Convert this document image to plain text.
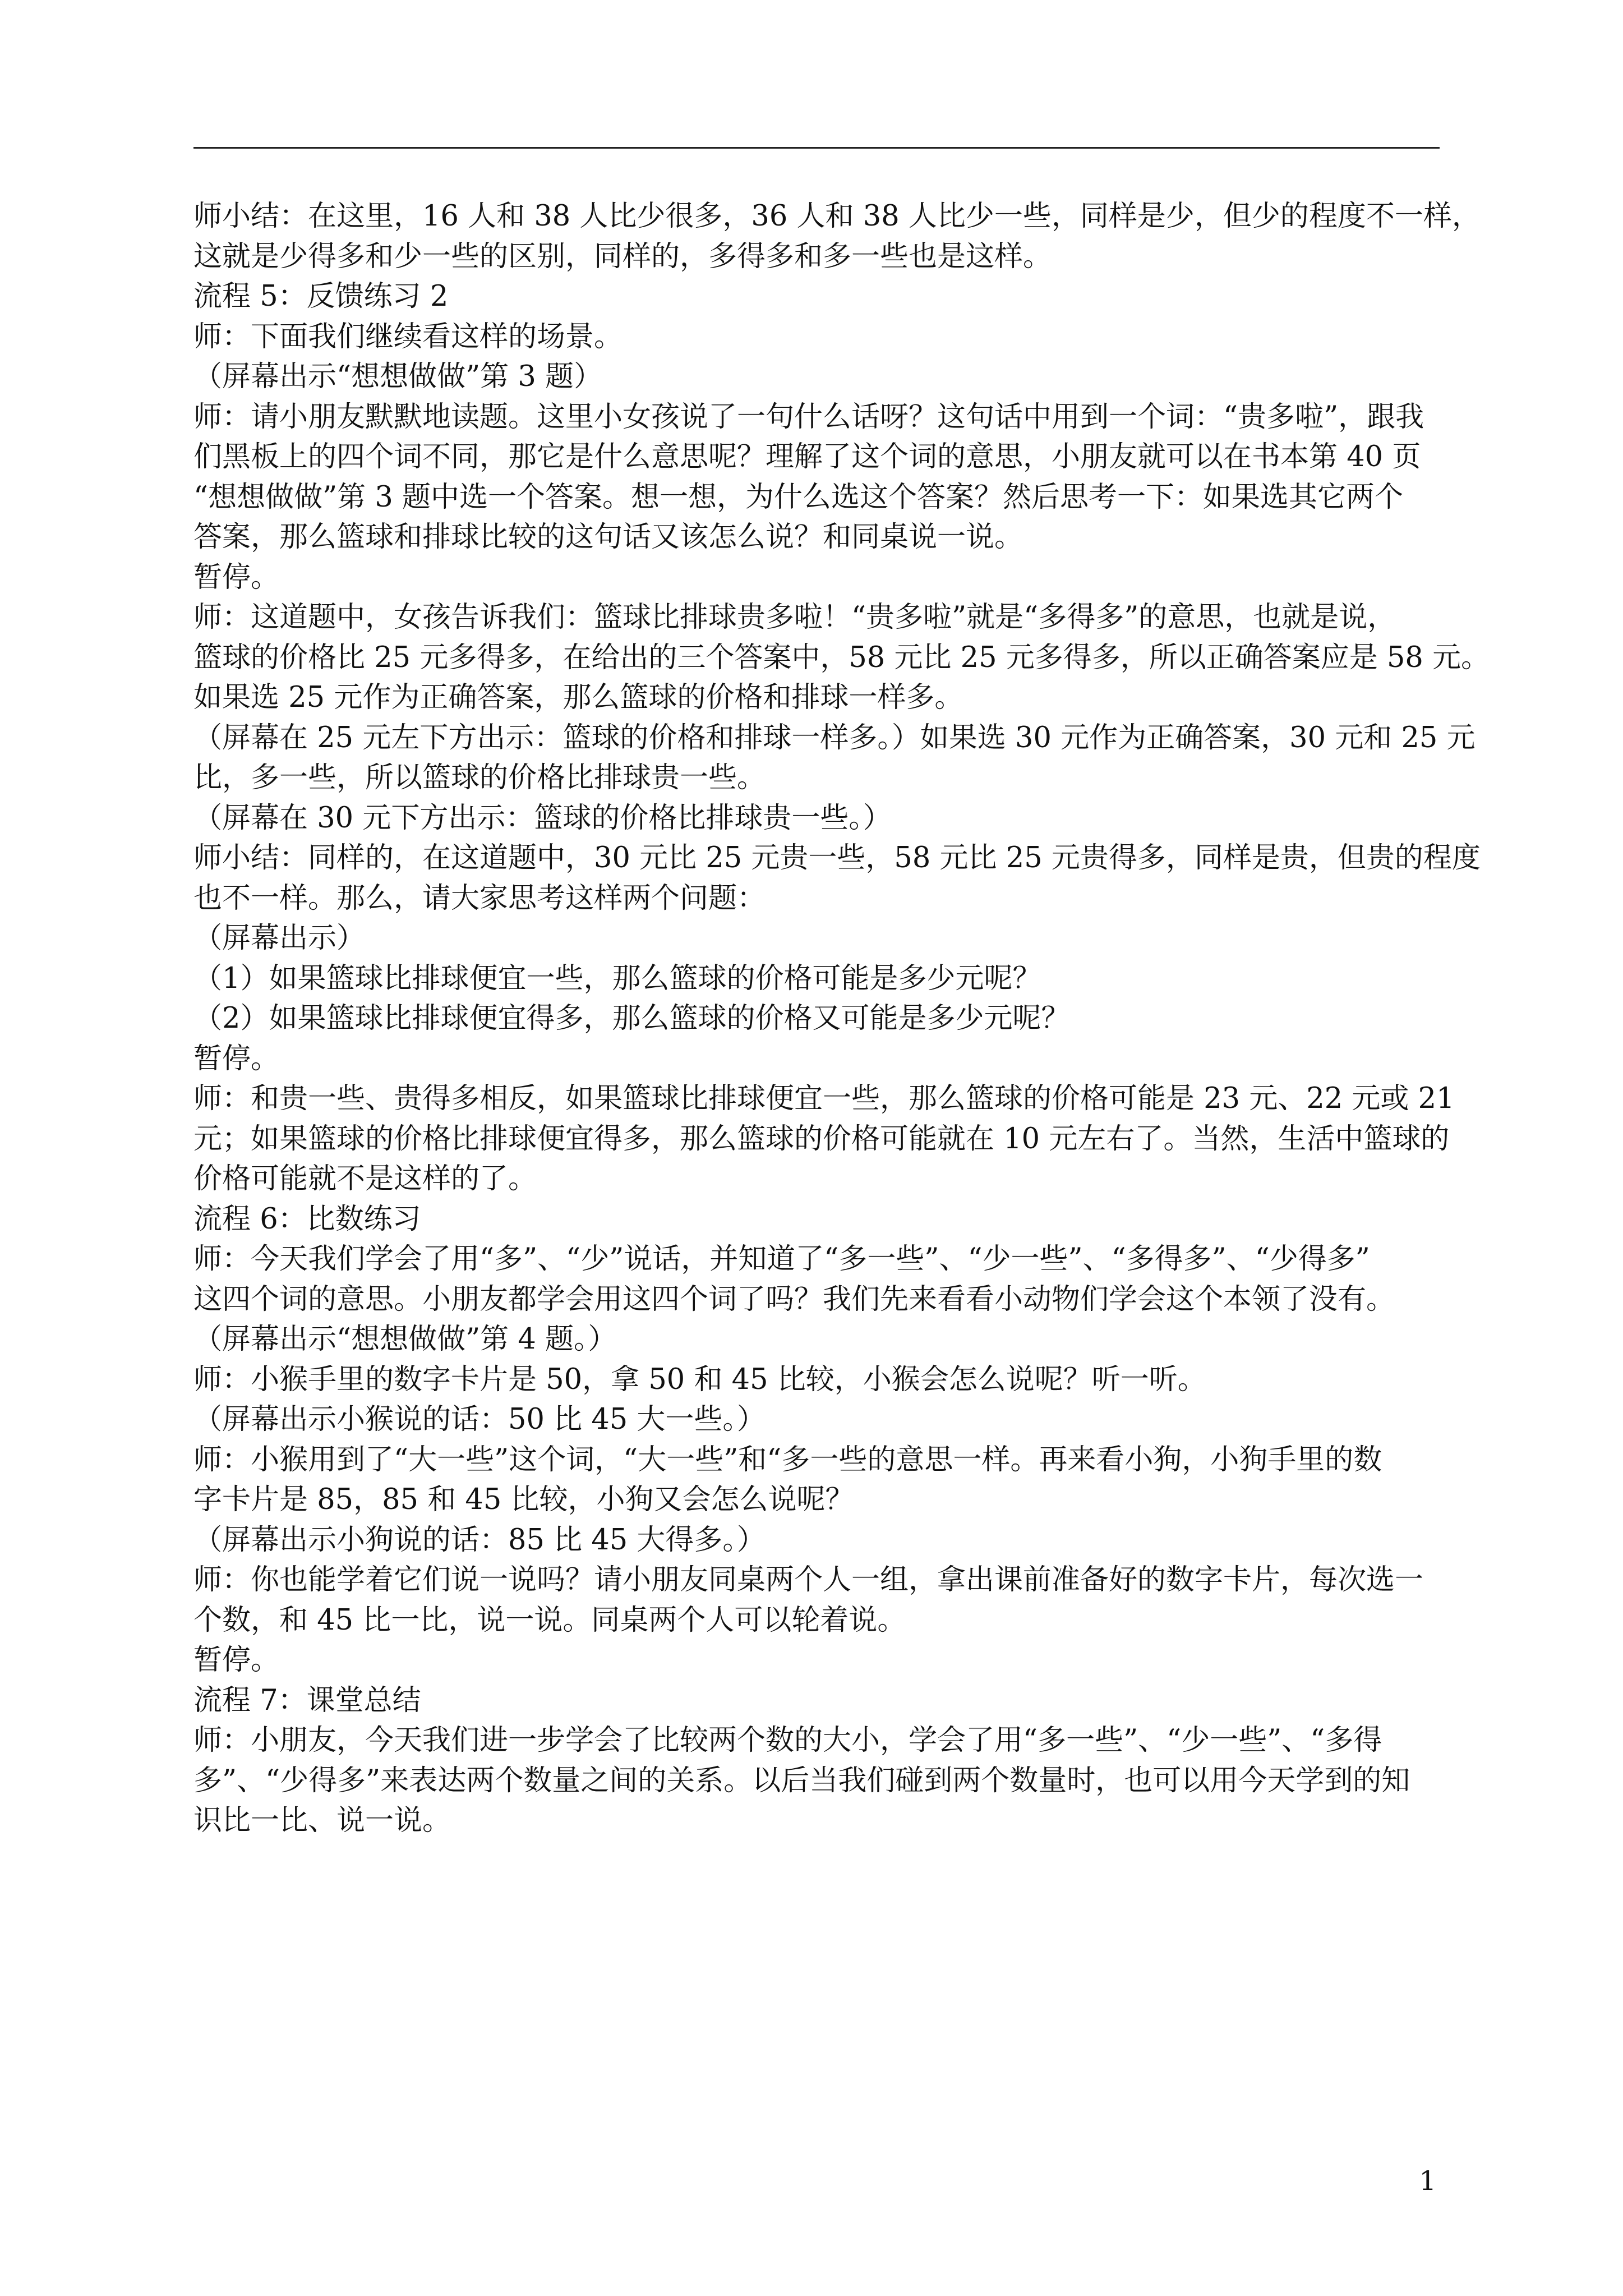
师小结：在这里，16 人和 38 人比少很多，36 人和 38 人比少一些，同样是少，但少的程度不一样，
这就是少得多和少一些的区别，同样的，多得多和多一些也是这样。
流程 5：反馈练习 2
师：下面我们继续看这样的场景。
（屏幕出示“想想做做”第 3 题）
师：请小朋友默默地读题。这里小女孩说了一句什么话呀？这句话中用到一个词：“贵多啦”，跟我
们黑板上的四个词不同，那它是什么意思呢？理解了这个词的意思，小朋友就可以在书本第 40 页
“想想做做”第 3 题中选一个答案。想一想，为什么选这个答案？然后思考一下：如果选其它两个
答案，那么篮球和排球比较的这句话又该怎么说？和同桌说一说。
暂停。
师：这道题中，女孩告诉我们：篮球比排球贵多啦！“贵多啦”就是“多得多”的意思，也就是说，
篮球的价格比 25 元多得多，在给出的三个答案中，58 元比 25 元多得多，所以正确答案应是 58 元。
如果选 25 元作为正确答案，那么篮球的价格和排球一样多。
（屏幕在 25 元左下方出示：篮球的价格和排球一样多。）如果选 30 元作为正确答案，30 元和 25 元
比，多一些，所以篮球的价格比排球贵一些。
（屏幕在 30 元下方出示：篮球的价格比排球贵一些。）
师小结：同样的，在这道题中，30 元比 25 元贵一些，58 元比 25 元贵得多，同样是贵，但贵的程度
也不一样。那么，请大家思考这样两个问题：
（屏幕出示）
（1）如果篮球比排球便宜一些，那么篮球的价格可能是多少元呢？
（2）如果篮球比排球便宜得多，那么篮球的价格又可能是多少元呢？
暂停。
师：和贵一些、贵得多相反，如果篮球比排球便宜一些，那么篮球的价格可能是 23 元、22 元或 21
元；如果篮球的价格比排球便宜得多，那么篮球的价格可能就在 10 元左右了。当然，生活中篮球的
价格可能就不是这样的了。
流程 6：比数练习
师：今天我们学会了用“多”、“少”说话，并知道了“多一些”、“少一些”、“多得多”、“少得多”
这四个词的意思。小朋友都学会用这四个词了吗？我们先来看看小动物们学会这个本领了没有。
（屏幕出示“想想做做”第 4 题。）
师：小猴手里的数字卡片是 50，拿 50 和 45 比较，小猴会怎么说呢？听一听。
（屏幕出示小猴说的话：50 比 45 大一些。）
师：小猴用到了“大一些”这个词，“大一些”和“多一些的意思一样。再来看小狗，小狗手里的数
字卡片是 85，85 和 45 比较，小狗又会怎么说呢？
（屏幕出示小狗说的话：85 比 45 大得多。）
师：你也能学着它们说一说吗？请小朋友同桌两个人一组，拿出课前准备好的数字卡片，每次选一
个数，和 45 比一比，说一说。同桌两个人可以轮着说。
暂停。
流程 7：课堂总结
师：小朋友，今天我们进一步学会了比较两个数的大小，学会了用“多一些”、“少一些”、“多得
多”、“少得多”来表达两个数量之间的关系。以后当我们碰到两个数量时，也可以用今天学到的知
识比一比、说一说。
1
